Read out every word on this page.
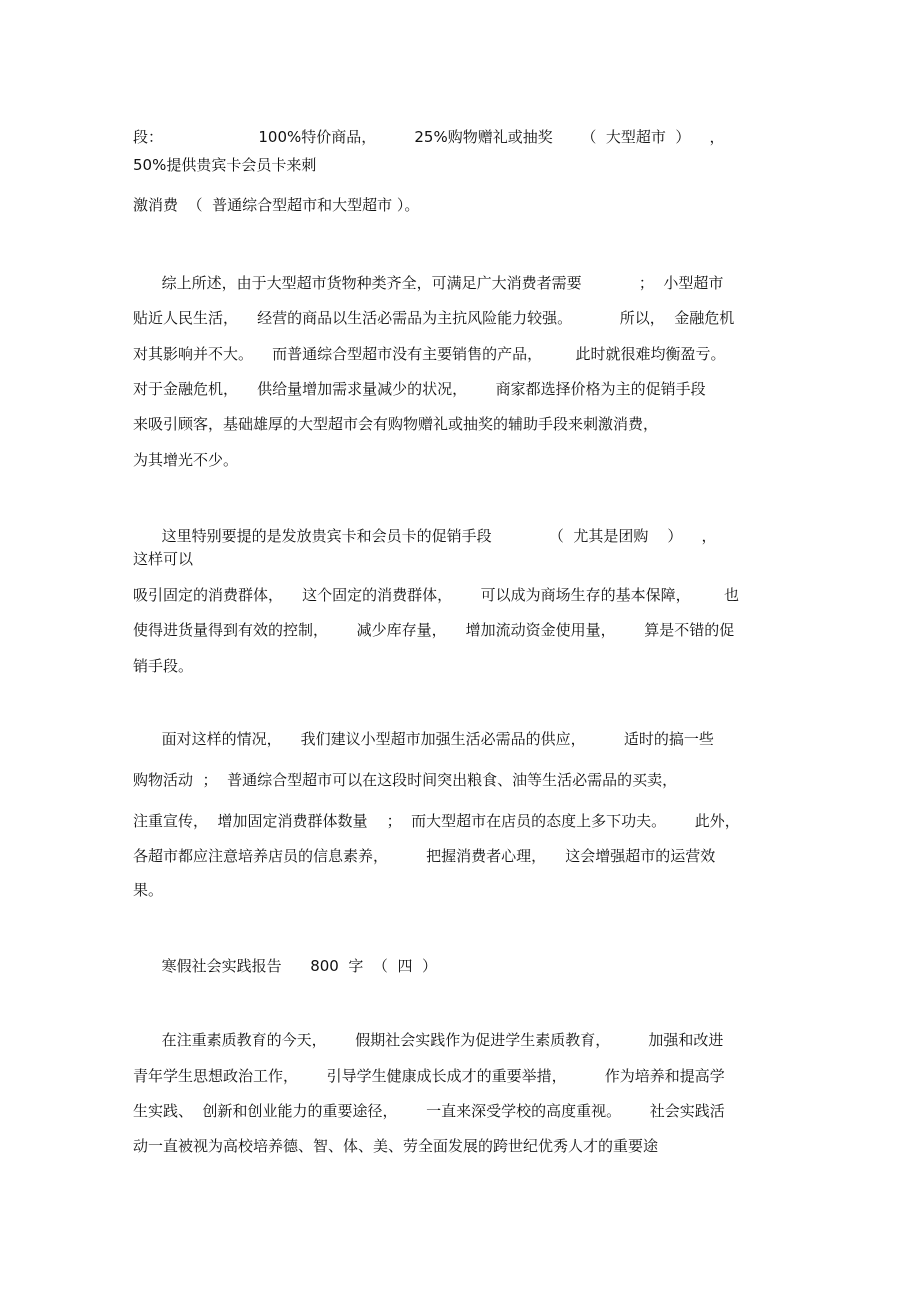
段：                    100%特价商品，        25%购物赠礼或抽奖      （  大型超市  ）    ，
50%提供贵宾卡会员卡来刺
激消费  （  普通综合型超市和大型超市 ）。
综上所述，由于大型超市货物种类齐全，可满足广大消费者需要            ；  小型超市
贴近人民生活，    经营的商品以生活必需品为主抗风险能力较强。          所以，  金融危机
对其影响并不大。    而普通综合型超市没有主要销售的产品，       此时就很难均衡盈亏。
对于金融危机，    供给量增加需求量减少的状况，      商家都选择价格为主的促销手段
来吸引顾客，基础雄厚的大型超市会有购物赠礼或抽奖的辅助手段来刺激消费，
为其增光不少。
这里特别要提的是发放贵宾卡和会员卡的促销手段            （  尤其是团购    ）    ，
这样可以
吸引固定的消费群体，    这个固定的消费群体，      可以成为商场生存的基本保障，       也
使得进货量得到有效的控制，      减少库存量，    增加流动资金使用量，      算是不错的促
销手段。
面对这样的情况，    我们建议小型超市加强生活必需品的供应，        适时的搞一些
购物活动  ；  普通综合型超市可以在这段时间突出粮食、油等生活必需品的买卖，
注重宣传，  增加固定消费群体数量    ；  而大型超市在店员的态度上多下功夫。      此外，
各超市都应注意培养店员的信息素养，        把握消费者心理，    这会增强超市的运营效
果。
寒假社会实践报告      800  字  （  四  ）
在注重素质教育的今天，      假期社会实践作为促进学生素质教育，        加强和改进
青年学生思想政治工作，      引导学生健康成长成才的重要举措，        作为培养和提高学
生实践、  创新和创业能力的重要途径，      一直来深受学校的高度重视。      社会实践活
动一直被视为高校培养德、智、体、美、劳全面发展的跨世纪优秀人才的重要途
